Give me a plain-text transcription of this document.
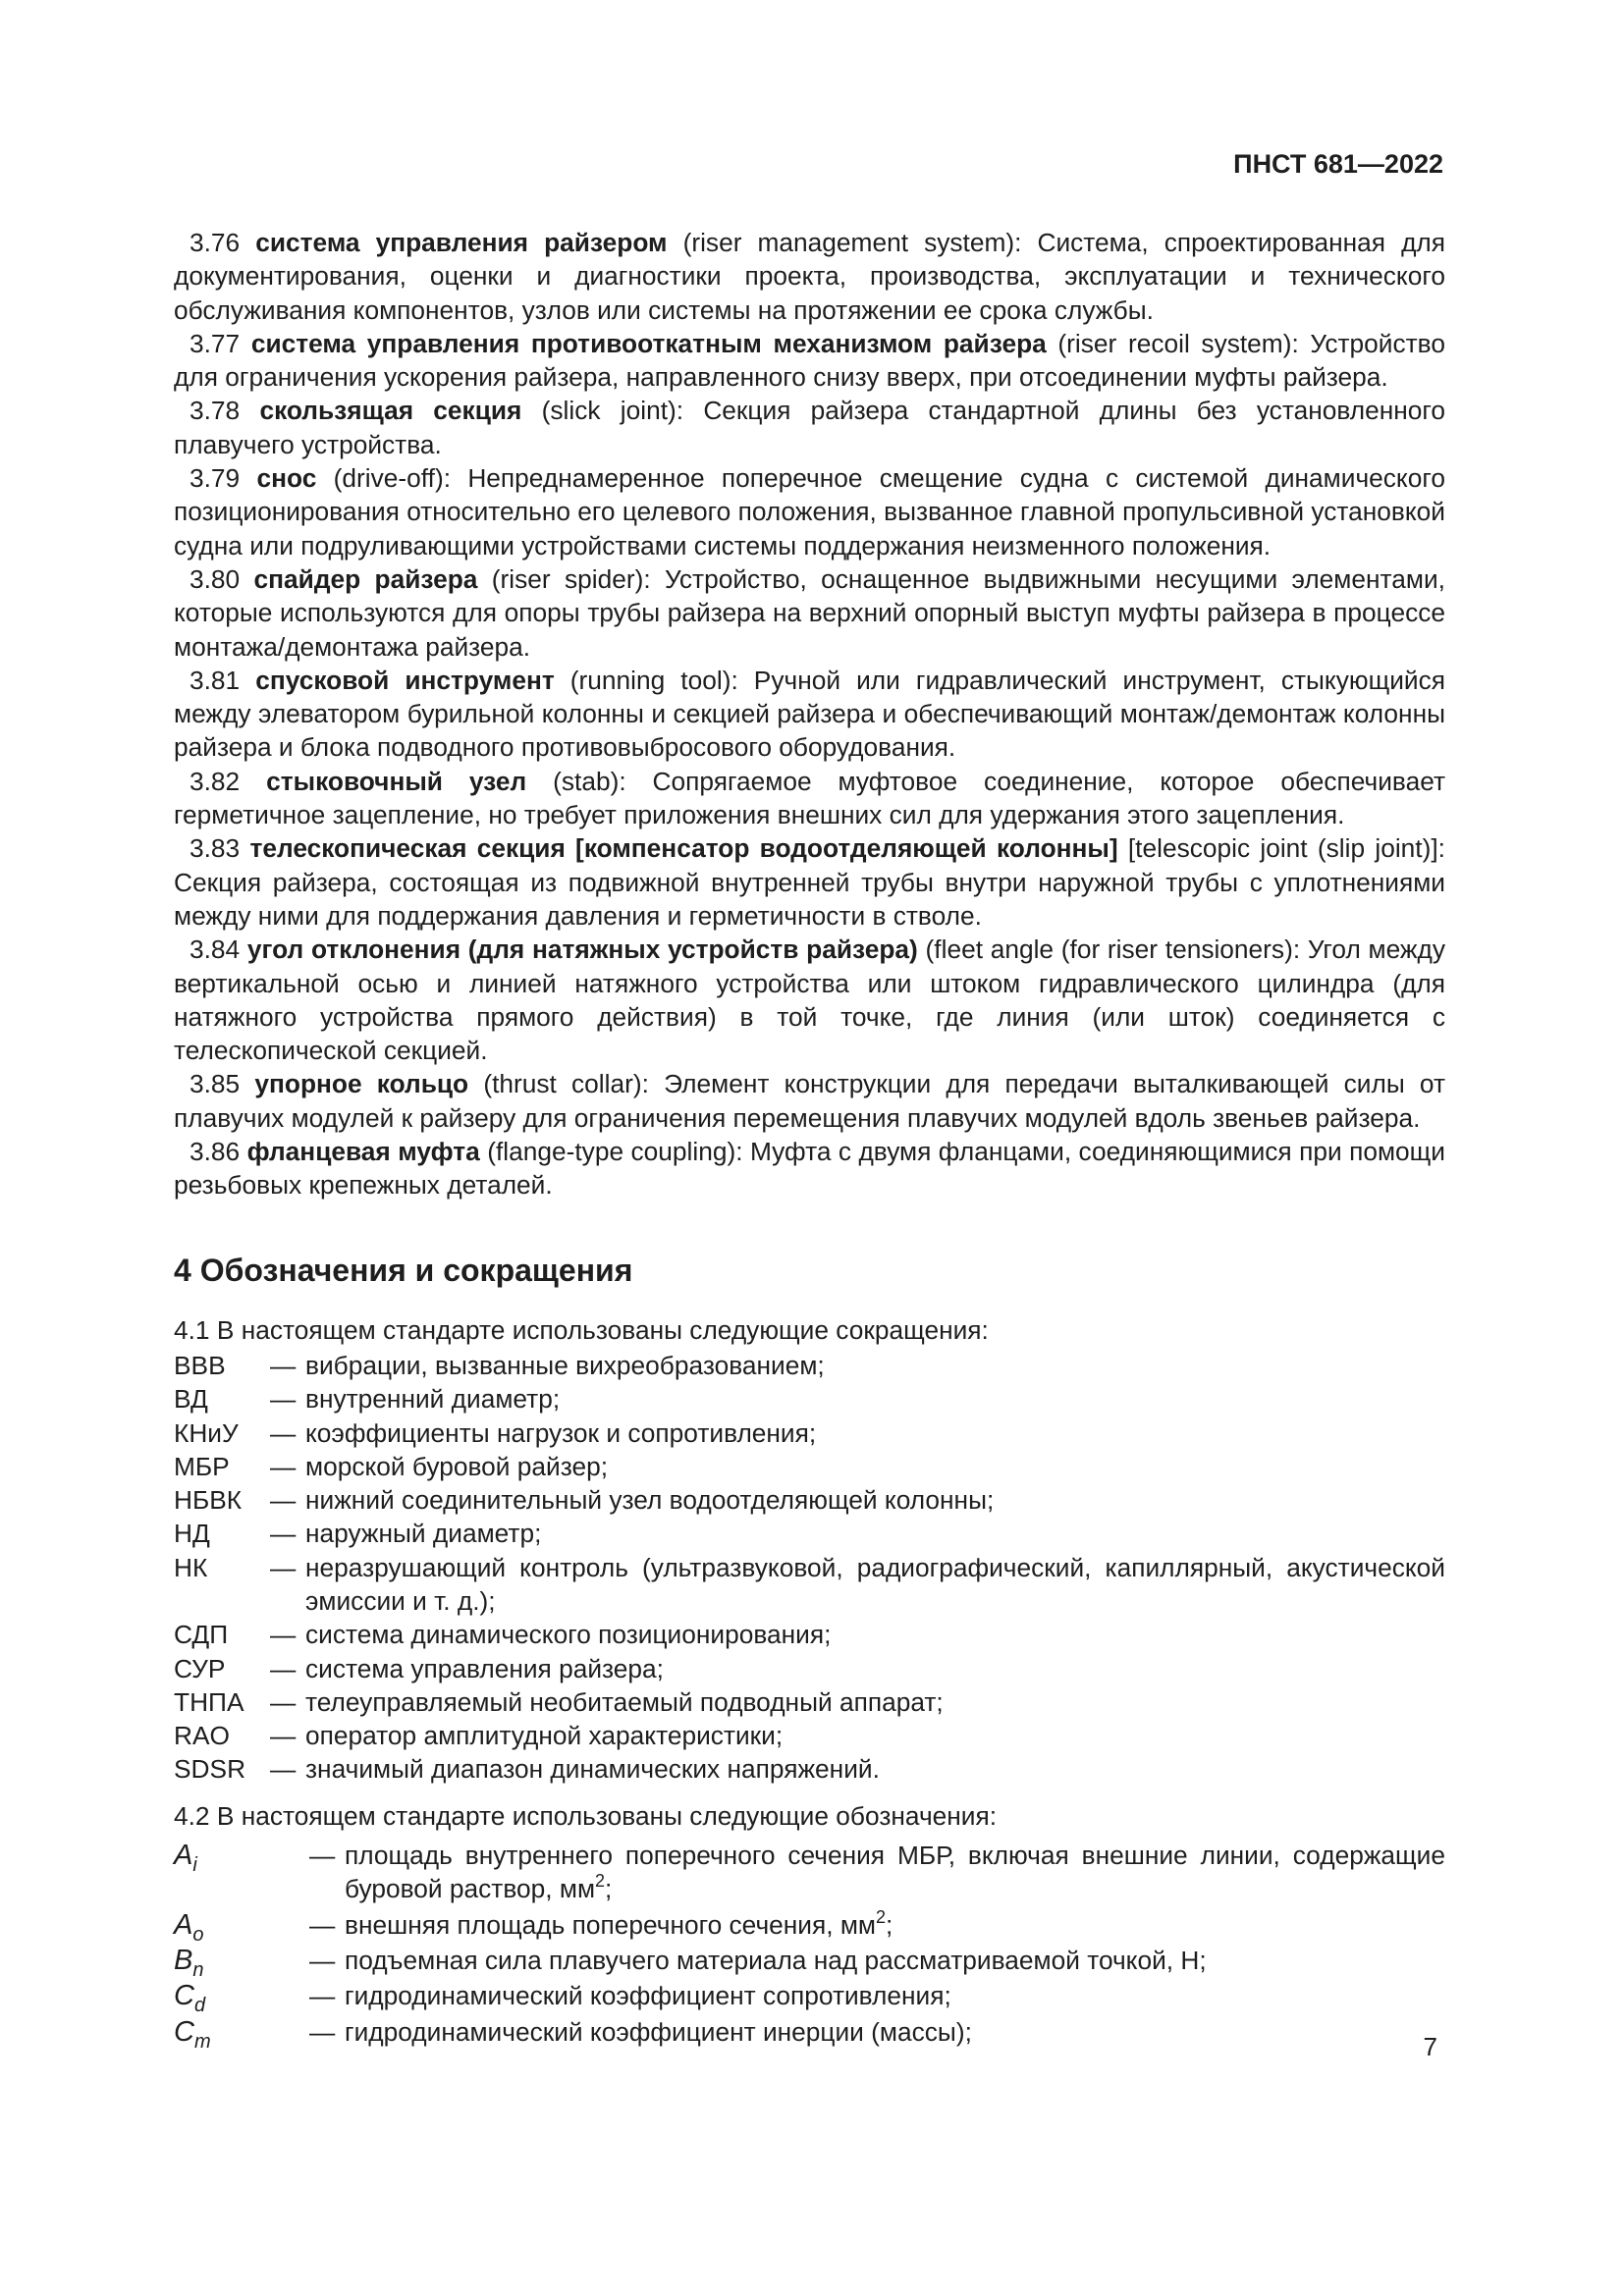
ПНСТ 681—2022

3.76 система управления райзером (riser management system): Система, спроектированная для документирования, оценки и диагностики проекта, производства, эксплуатации и технического обслуживания компонентов, узлов или системы на протяжении ее срока службы.

3.77 система управления противооткатным механизмом райзера (riser recoil system): Устройство для ограничения ускорения райзера, направленного снизу вверх, при отсоединении муфты райзера.

3.78 скользящая секция (slick joint): Секция райзера стандартной длины без установленного плавучего устройства.

3.79 снос (drive-off): Непреднамеренное поперечное смещение судна с системой динамического позиционирования относительно его целевого положения, вызванное главной пропульсивной установкой судна или подруливающими устройствами системы поддержания неизменного положения.

3.80 спайдер райзера (riser spider): Устройство, оснащенное выдвижными несущими элементами, которые используются для опоры трубы райзера на верхний опорный выступ муфты райзера в процессе монтажа/демонтажа райзера.

3.81 спусковой инструмент (running tool): Ручной или гидравлический инструмент, стыкующийся между элеватором бурильной колонны и секцией райзера и обеспечивающий монтаж/демонтаж колонны райзера и блока подводного противовыбросового оборудования.

3.82 стыковочный узел (stab): Сопрягаемое муфтовое соединение, которое обеспечивает герметичное зацепление, но требует приложения внешних сил для удержания этого зацепления.

3.83 телескопическая секция [компенсатор водоотделяющей колонны] [telescopic joint (slip joint)]: Секция райзера, состоящая из подвижной внутренней трубы внутри наружной трубы с уплотнениями между ними для поддержания давления и герметичности в стволе.

3.84 угол отклонения (для натяжных устройств райзера) (fleet angle (for riser tensioners): Угол между вертикальной осью и линией натяжного устройства или штоком гидравлического цилиндра (для натяжного устройства прямого действия) в той точке, где линия (или шток) соединяется с телескопической секцией.

3.85 упорное кольцо (thrust collar): Элемент конструкции для передачи выталкивающей силы от плавучих модулей к райзеру для ограничения перемещения плавучих модулей вдоль звеньев райзера.

3.86 фланцевая муфта (flange-type coupling): Муфта с двумя фланцами, соединяющимися при помощи резьбовых крепежных деталей.

4 Обозначения и сокращения

4.1 В настоящем стандарте использованы следующие сокращения:

ВВВ	— вибрации, вызванные вихреобразованием;
ВД	— внутренний диаметр;
КНиУ	— коэффициенты нагрузок и сопротивления;
МБР	— морской буровой райзер;
НБВК	— нижний соединительный узел водоотделяющей колонны;
НД	— наружный диаметр;
НК	— неразрушающий контроль (ультразвуковой, радиографический, капиллярный, акустической эмиссии и т. д.);
СДП	— система динамического позиционирования;
СУР	— система управления райзера;
ТНПА	— телеуправляемый необитаемый подводный аппарат;
RAO	— оператор амплитудной характеристики;
SDSR — значимый диапазон динамических напряжений.

4.2 В настоящем стандарте использованы следующие обозначения:

$A_i$	— площадь внутреннего поперечного сечения МБР, включая внешние линии, содержащие буровой раствор, $мм^2$;
$A_o$	— внешняя площадь поперечного сечения, $мм^2$;
$B_n$	— подъемная сила плавучего материала над рассматриваемой точкой, Н;
$C_d$	— гидродинамический коэффициент сопротивления;
$C_m$	— гидродинамический коэффициент инерции (массы);
7
